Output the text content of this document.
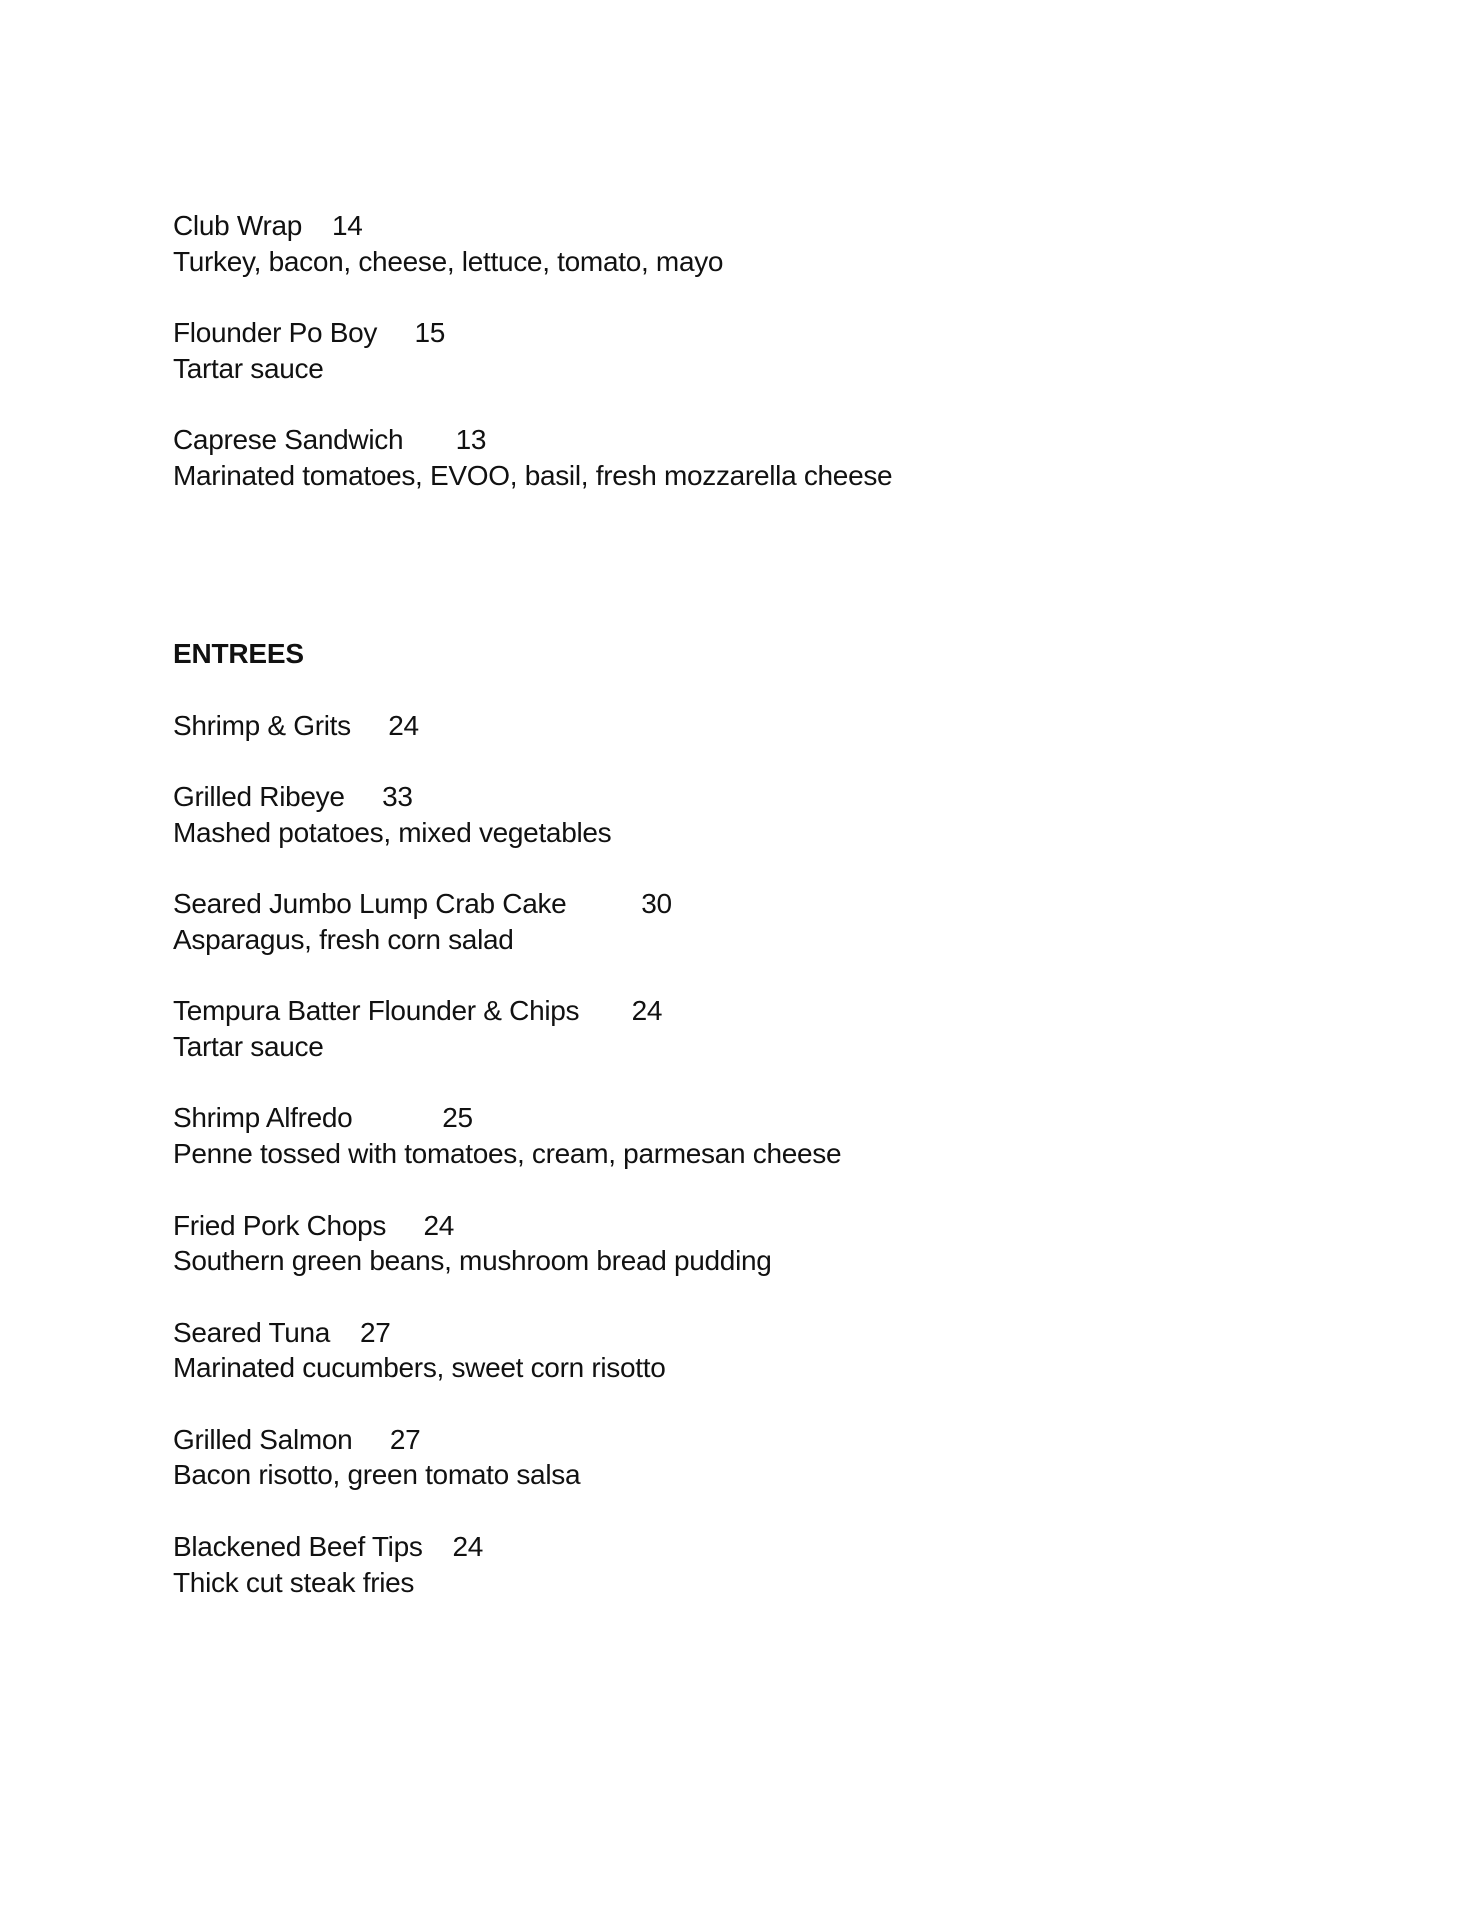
Club Wrap 14
Turkey, bacon, cheese, lettuce, tomato, mayo
Flounder Po Boy 15
Tartar sauce
Caprese Sandwich 13
Marinated tomatoes, EVOO, basil, fresh mozzarella cheese
ENTREES
Shrimp & Grits 24
Grilled Ribeye 33
Mashed potatoes, mixed vegetables
Seared Jumbo Lump Crab Cake	30
Asparagus, fresh corn salad
Tempura Batter Flounder & Chips 24
Tartar sauce
Shrimp Alfredo	25
Penne tossed with tomatoes, cream, parmesan cheese
Fried Pork Chops 24
Southern green beans, mushroom bread pudding
Seared Tuna 27
Marinated cucumbers, sweet corn risotto
Grilled Salmon 27
Bacon risotto, green tomato salsa
Blackened Beef Tips 24
Thick cut steak fries
